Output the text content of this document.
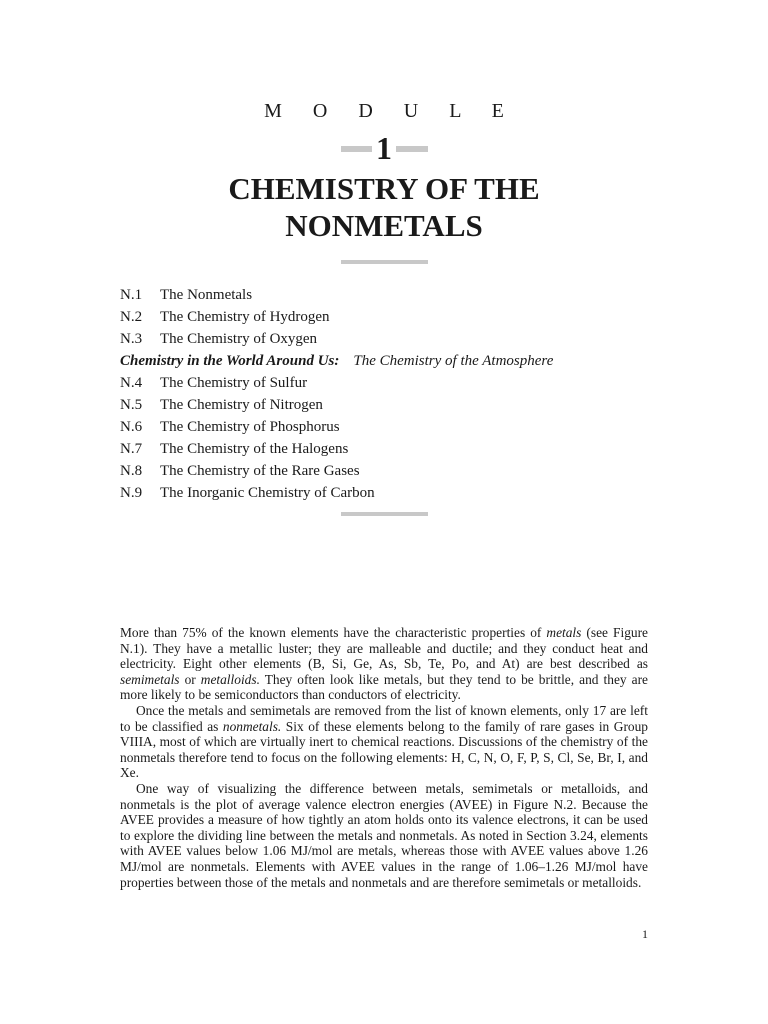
M O D U L E
1
CHEMISTRY OF THE
NONMETALS
N.1 The Nonmetals
N.2 The Chemistry of Hydrogen
N.3 The Chemistry of Oxygen
Chemistry in the World Around Us: The Chemistry of the Atmosphere
N.4 The Chemistry of Sulfur
N.5 The Chemistry of Nitrogen
N.6 The Chemistry of Phosphorus
N.7 The Chemistry of the Halogens
N.8 The Chemistry of the Rare Gases
N.9 The Inorganic Chemistry of Carbon

More than 75% of the known elements have the characteristic properties of metals (see Figure N.1). They have a metallic luster; they are malleable and ductile; and they conduct heat and electricity. Eight other elements (B, Si, Ge, As, Sb, Te, Po, and At) are best described as semimetals or metalloids. They often look like metals, but they tend to be brittle, and they are more likely to be semiconductors than conductors of electricity.

Once the metals and semimetals are removed from the list of known elements, only 17 are left to be classified as nonmetals. Six of these elements belong to the family of rare gases in Group VIIIA, most of which are virtually inert to chemical reactions. Discussions of the chemistry of the nonmetals therefore tend to focus on the following elements: H, C, N, O, F, P, S, Cl, Se, Br, I, and Xe.

One way of visualizing the difference between metals, semimetals or metalloids, and nonmetals is the plot of average valence electron energies (AVEE) in Figure N.2. Because the AVEE provides a measure of how tightly an atom holds onto its valence electrons, it can be used to explore the dividing line between the metals and nonmetals. As noted in Section 3.24, elements with AVEE values below 1.06 MJ/mol are metals, whereas those with AVEE values above 1.26 MJ/mol are nonmetals. Elements with AVEE values in the range of 1.06–1.26 MJ/mol have properties between those of the metals and nonmetals and are therefore semimetals or metalloids.

1
